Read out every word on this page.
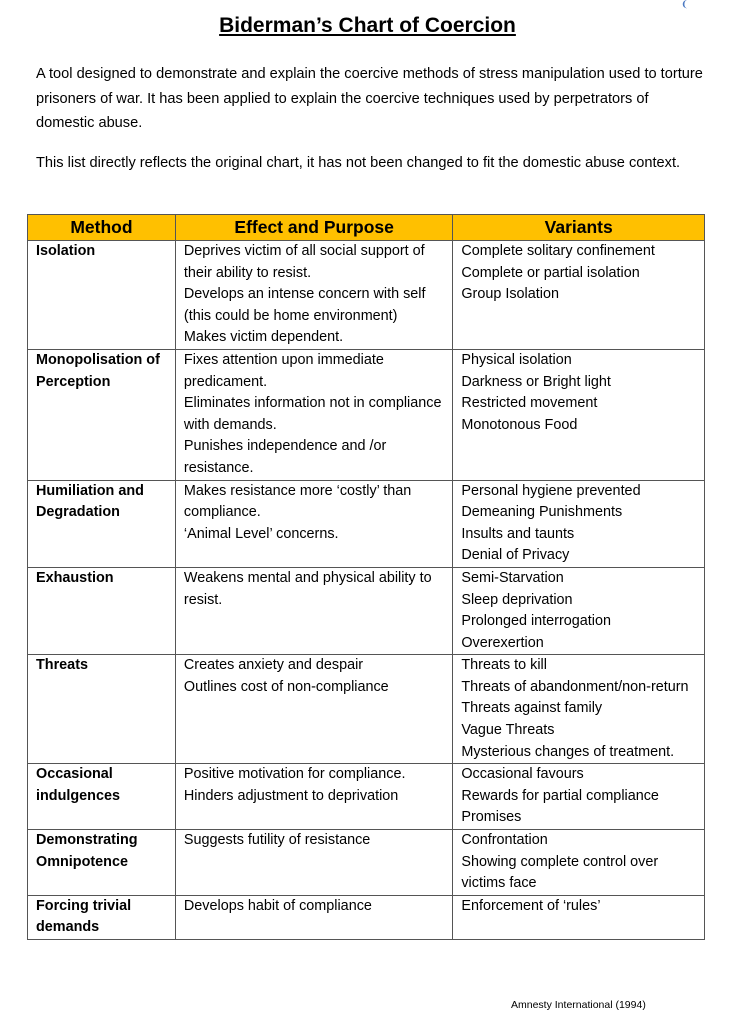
Biderman’s Chart of Coercion
❨

A tool designed to demonstrate and explain the coercive methods of stress manipulation used to torture prisoners of war. It has been applied to explain the coercive techniques used by perpetrators of domestic abuse.

This list directly reflects the original chart, it has not been changed to fit the domestic abuse context.

Method	Effect and Purpose	Variants

Isolation	Deprives victim of all social support of their ability to resist.
Develops an intense concern with self (this could be home environment)
Makes victim dependent.	Complete solitary confinement
Complete or partial isolation
Group Isolation

Monopolisation of Perception	Fixes attention upon immediate predicament.
Eliminates information not in compliance with demands.
Punishes independence and /or resistance.	Physical isolation
Darkness or Bright light
Restricted movement
Monotonous Food

Humiliation and Degradation	Makes resistance more ‘costly’ than compliance.
‘Animal Level’ concerns.	Personal hygiene prevented
Demeaning Punishments
Insults and taunts
Denial of Privacy

Exhaustion	Weakens mental and physical ability to resist.	Semi-Starvation
Sleep deprivation
Prolonged interrogation
Overexertion

Threats	Creates anxiety and despair
Outlines cost of non-compliance	Threats to kill
Threats of abandonment/non-return
Threats against family
Vague Threats
Mysterious changes of treatment.

Occasional indulgences	Positive motivation for compliance.
Hinders adjustment to deprivation	Occasional favours
Rewards for partial compliance
Promises

Demonstrating Omnipotence	Suggests futility of resistance	Confrontation
Showing complete control over victims face

Forcing trivial demands	Develops habit of compliance	Enforcement of ‘rules’
Amnesty International (1994)
